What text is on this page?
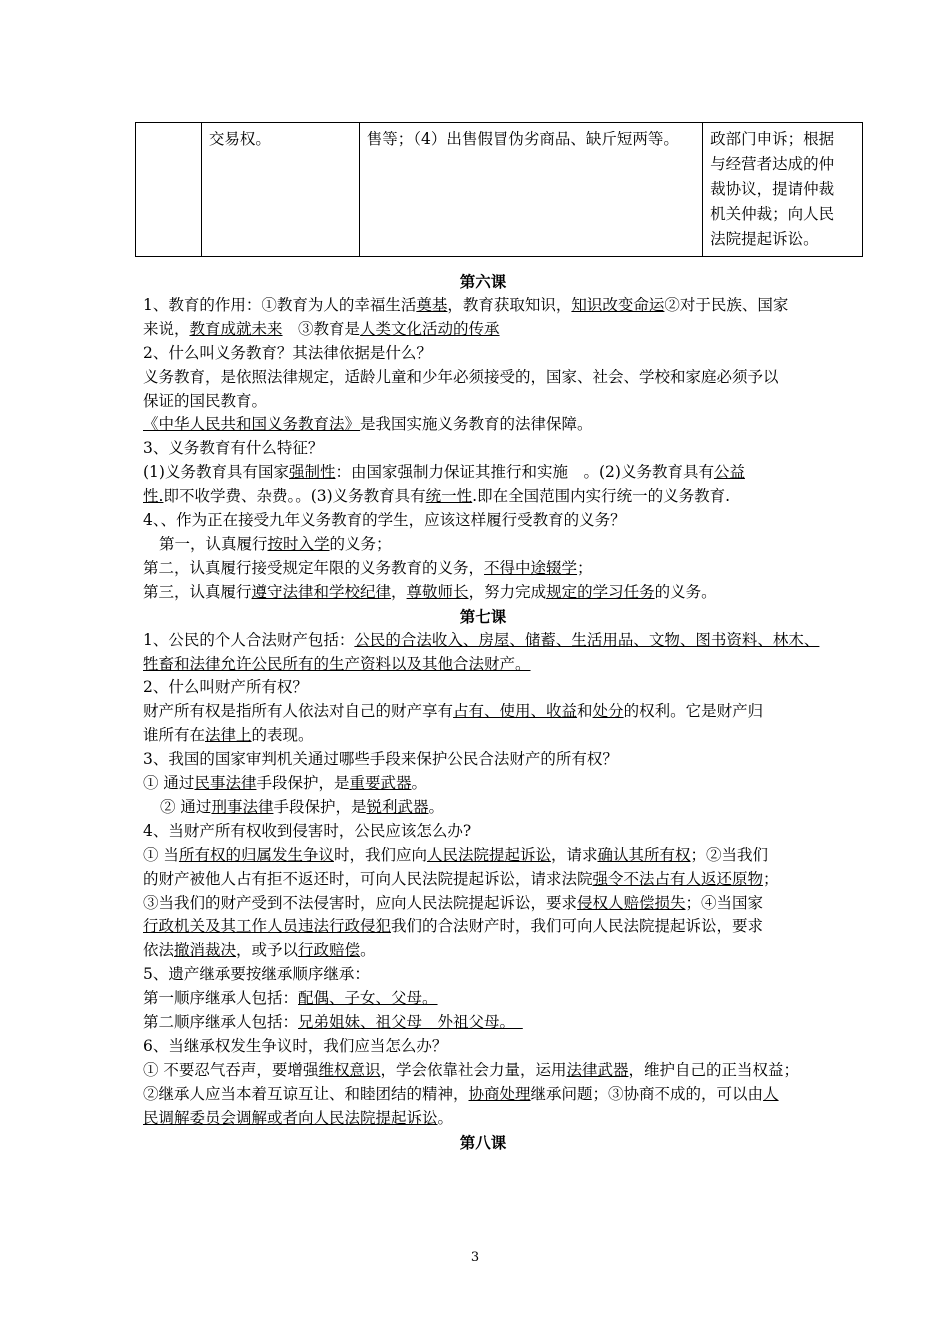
	交易权。	售等；（4）出售假冒伪劣商品、缺斤短两等。	政部门申诉；根据
与经营者达成的仲
裁协议，提请仲裁
机关仲裁；向人民
法院提起诉讼。
第六课
1、教育的作用：①教育为人的幸福生活奠基，教育获取知识，知识改变命运②对于民族、国家
来说，教育成就未来　③教育是人类文化活动的传承
2、什么叫义务教育？其法律依据是什么？
义务教育，是依照法律规定，适龄儿童和少年必须接受的，国家、社会、学校和家庭必须予以
保证的国民教育。
《中华人民共和国义务教育法》是我国实施义务教育的法律保障。
3、义务教育有什么特征？
(1)义务教育具有国家强制性：由国家强制力保证其推行和实施　。(2)义务教育具有公益
性.即不收学费、杂费。。(3)义务教育具有统一性.即在全国范围内实行统一的义务教育.
4、、作为正在接受九年义务教育的学生，应该这样履行受教育的义务？
第一，认真履行按时入学的义务；
第二，认真履行接受规定年限的义务教育的义务，不得中途辍学；
第三，认真履行遵守法律和学校纪律，尊敬师长，努力完成规定的学习任务的义务。
第七课
1、公民的个人合法财产包括：公民的合法收入、房屋、储蓄、生活用品、文物、图书资料、林木、
牲畜和法律允许公民所有的生产资料以及其他合法财产。
2、什么叫财产所有权？
财产所有权是指所有人依法对自己的财产享有占有、使用、收益和处分的权利。它是财产归
谁所有在法律上的表现。
3、我国的国家审判机关通过哪些手段来保护公民合法财产的所有权？
① 通过民事法律手段保护，是重要武器。
② 通过刑事法律手段保护，是锐利武器。
4、当财产所有权收到侵害时，公民应该怎么办?
① 当所有权的归属发生争议时，我们应向人民法院提起诉讼，请求确认其所有权；②当我们
的财产被他人占有拒不返还时，可向人民法院提起诉讼，请求法院强令不法占有人返还原物；
③当我们的财产受到不法侵害时，应向人民法院提起诉讼，要求侵权人赔偿损失；④当国家
行政机关及其工作人员违法行政侵犯我们的合法财产时，我们可向人民法院提起诉讼，要求
依法撤消裁决，或予以行政赔偿。
5、遗产继承要按继承顺序继承：
第一顺序继承人包括：配偶、子女、父母。
第二顺序继承人包括：兄弟姐妹、祖父母　外祖父母。　
6、当继承权发生争议时，我们应当怎么办？
① 不要忍气吞声，要增强维权意识，学会依靠社会力量，运用法律武器，维护自己的正当权益；
②继承人应当本着互谅互让、和睦团结的精神，协商处理继承问题；③协商不成的，可以由人
民调解委员会调解或者向人民法院提起诉讼。
第八课
3
